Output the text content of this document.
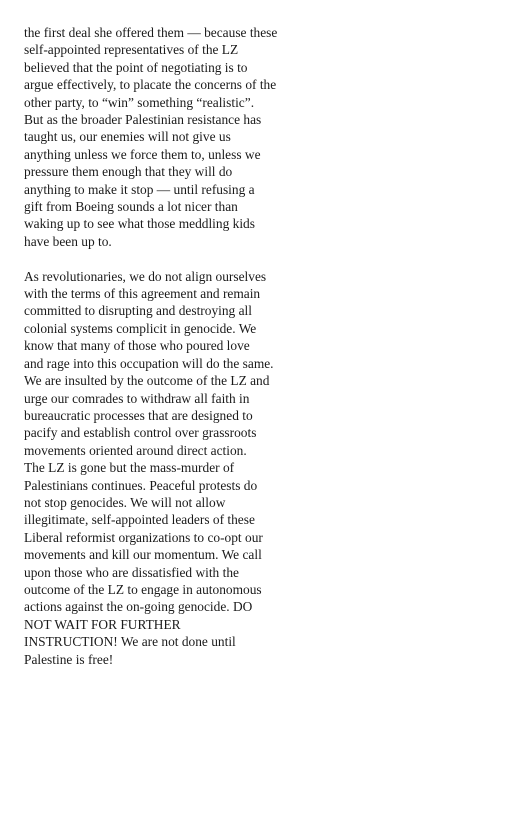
the first deal she offered them — because these
self-appointed representatives of the LZ
believed that the point of negotiating is to
argue effectively, to placate the concerns of the
other party, to “win” something “realistic”.
But as the broader Palestinian resistance has
taught us, our enemies will not give us
anything unless we force them to, unless we
pressure them enough that they will do
anything to make it stop — until refusing a
gift from Boeing sounds a lot nicer than
waking up to see what those meddling kids
have been up to.

As revolutionaries, we do not align ourselves
with the terms of this agreement and remain
committed to disrupting and destroying all
colonial systems complicit in genocide. We
know that many of those who poured love
and rage into this occupation will do the same.
We are insulted by the outcome of the LZ and
urge our comrades to withdraw all faith in
bureaucratic processes that are designed to
pacify and establish control over grassroots
movements oriented around direct action.
The LZ is gone but the mass-murder of
Palestinians continues. Peaceful protests do
not stop genocides. We will not allow
illegitimate, self-appointed leaders of these
Liberal reformist organizations to co-opt our
movements and kill our momentum. We call
upon those who are dissatisfied with the
outcome of the LZ to engage in autonomous
actions against the on-going genocide. DO
NOT WAIT FOR FURTHER
INSTRUCTION! We are not done until
Palestine is free!
